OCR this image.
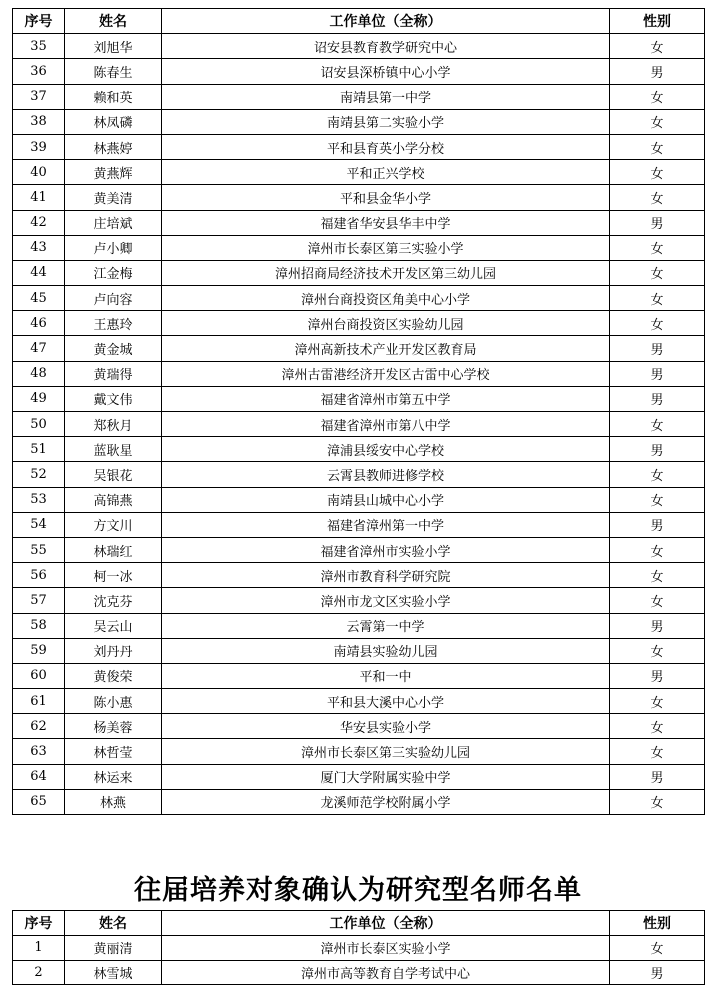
序号	姓名	工作单位（全称）	性别
35	刘旭华	诏安县教育教学研究中心	女
36	陈春生	诏安县深桥镇中心小学	男
37	赖和英	南靖县第一中学	女
38	林凤磷	南靖县第二实验小学	女
39	林燕婷	平和县育英小学分校	女
40	黄燕辉	平和正兴学校	女
41	黄美清	平和县金华小学	女
42	庄培斌	福建省华安县华丰中学	男
43	卢小卿	漳州市长泰区第三实验小学	女
44	江金梅	漳州招商局经济技术开发区第三幼儿园	女
45	卢向容	漳州台商投资区角美中心小学	女
46	王惠玲	漳州台商投资区实验幼儿园	女
47	黄金城	漳州高新技术产业开发区教育局	男
48	黄瑞得	漳州古雷港经济开发区古雷中心学校	男
49	戴文伟	福建省漳州市第五中学	男
50	郑秋月	福建省漳州市第八中学	女
51	蓝耿星	漳浦县绥安中心学校	男
52	吴银花	云霄县教师进修学校	女
53	高锦燕	南靖县山城中心小学	女
54	方文川	福建省漳州第一中学	男
55	林瑞红	福建省漳州市实验小学	女
56	柯一冰	漳州市教育科学研究院	女
57	沈克芬	漳州市龙文区实验小学	女
58	吴云山	云霄第一中学	男
59	刘丹丹	南靖县实验幼儿园	女
60	黄俊荣	平和一中	男
61	陈小惠	平和县大溪中心小学	女
62	杨美蓉	华安县实验小学	女
63	林哲莹	漳州市长泰区第三实验幼儿园	女
64	林运来	厦门大学附属实验中学	男
65	林燕	龙溪师范学校附属小学	女
往届培养对象确认为研究型名师名单
序号	姓名	工作单位（全称）	性别
1	黄丽清	漳州市长泰区实验小学	女
2	林雪城	漳州市高等教育自学考试中心	男
